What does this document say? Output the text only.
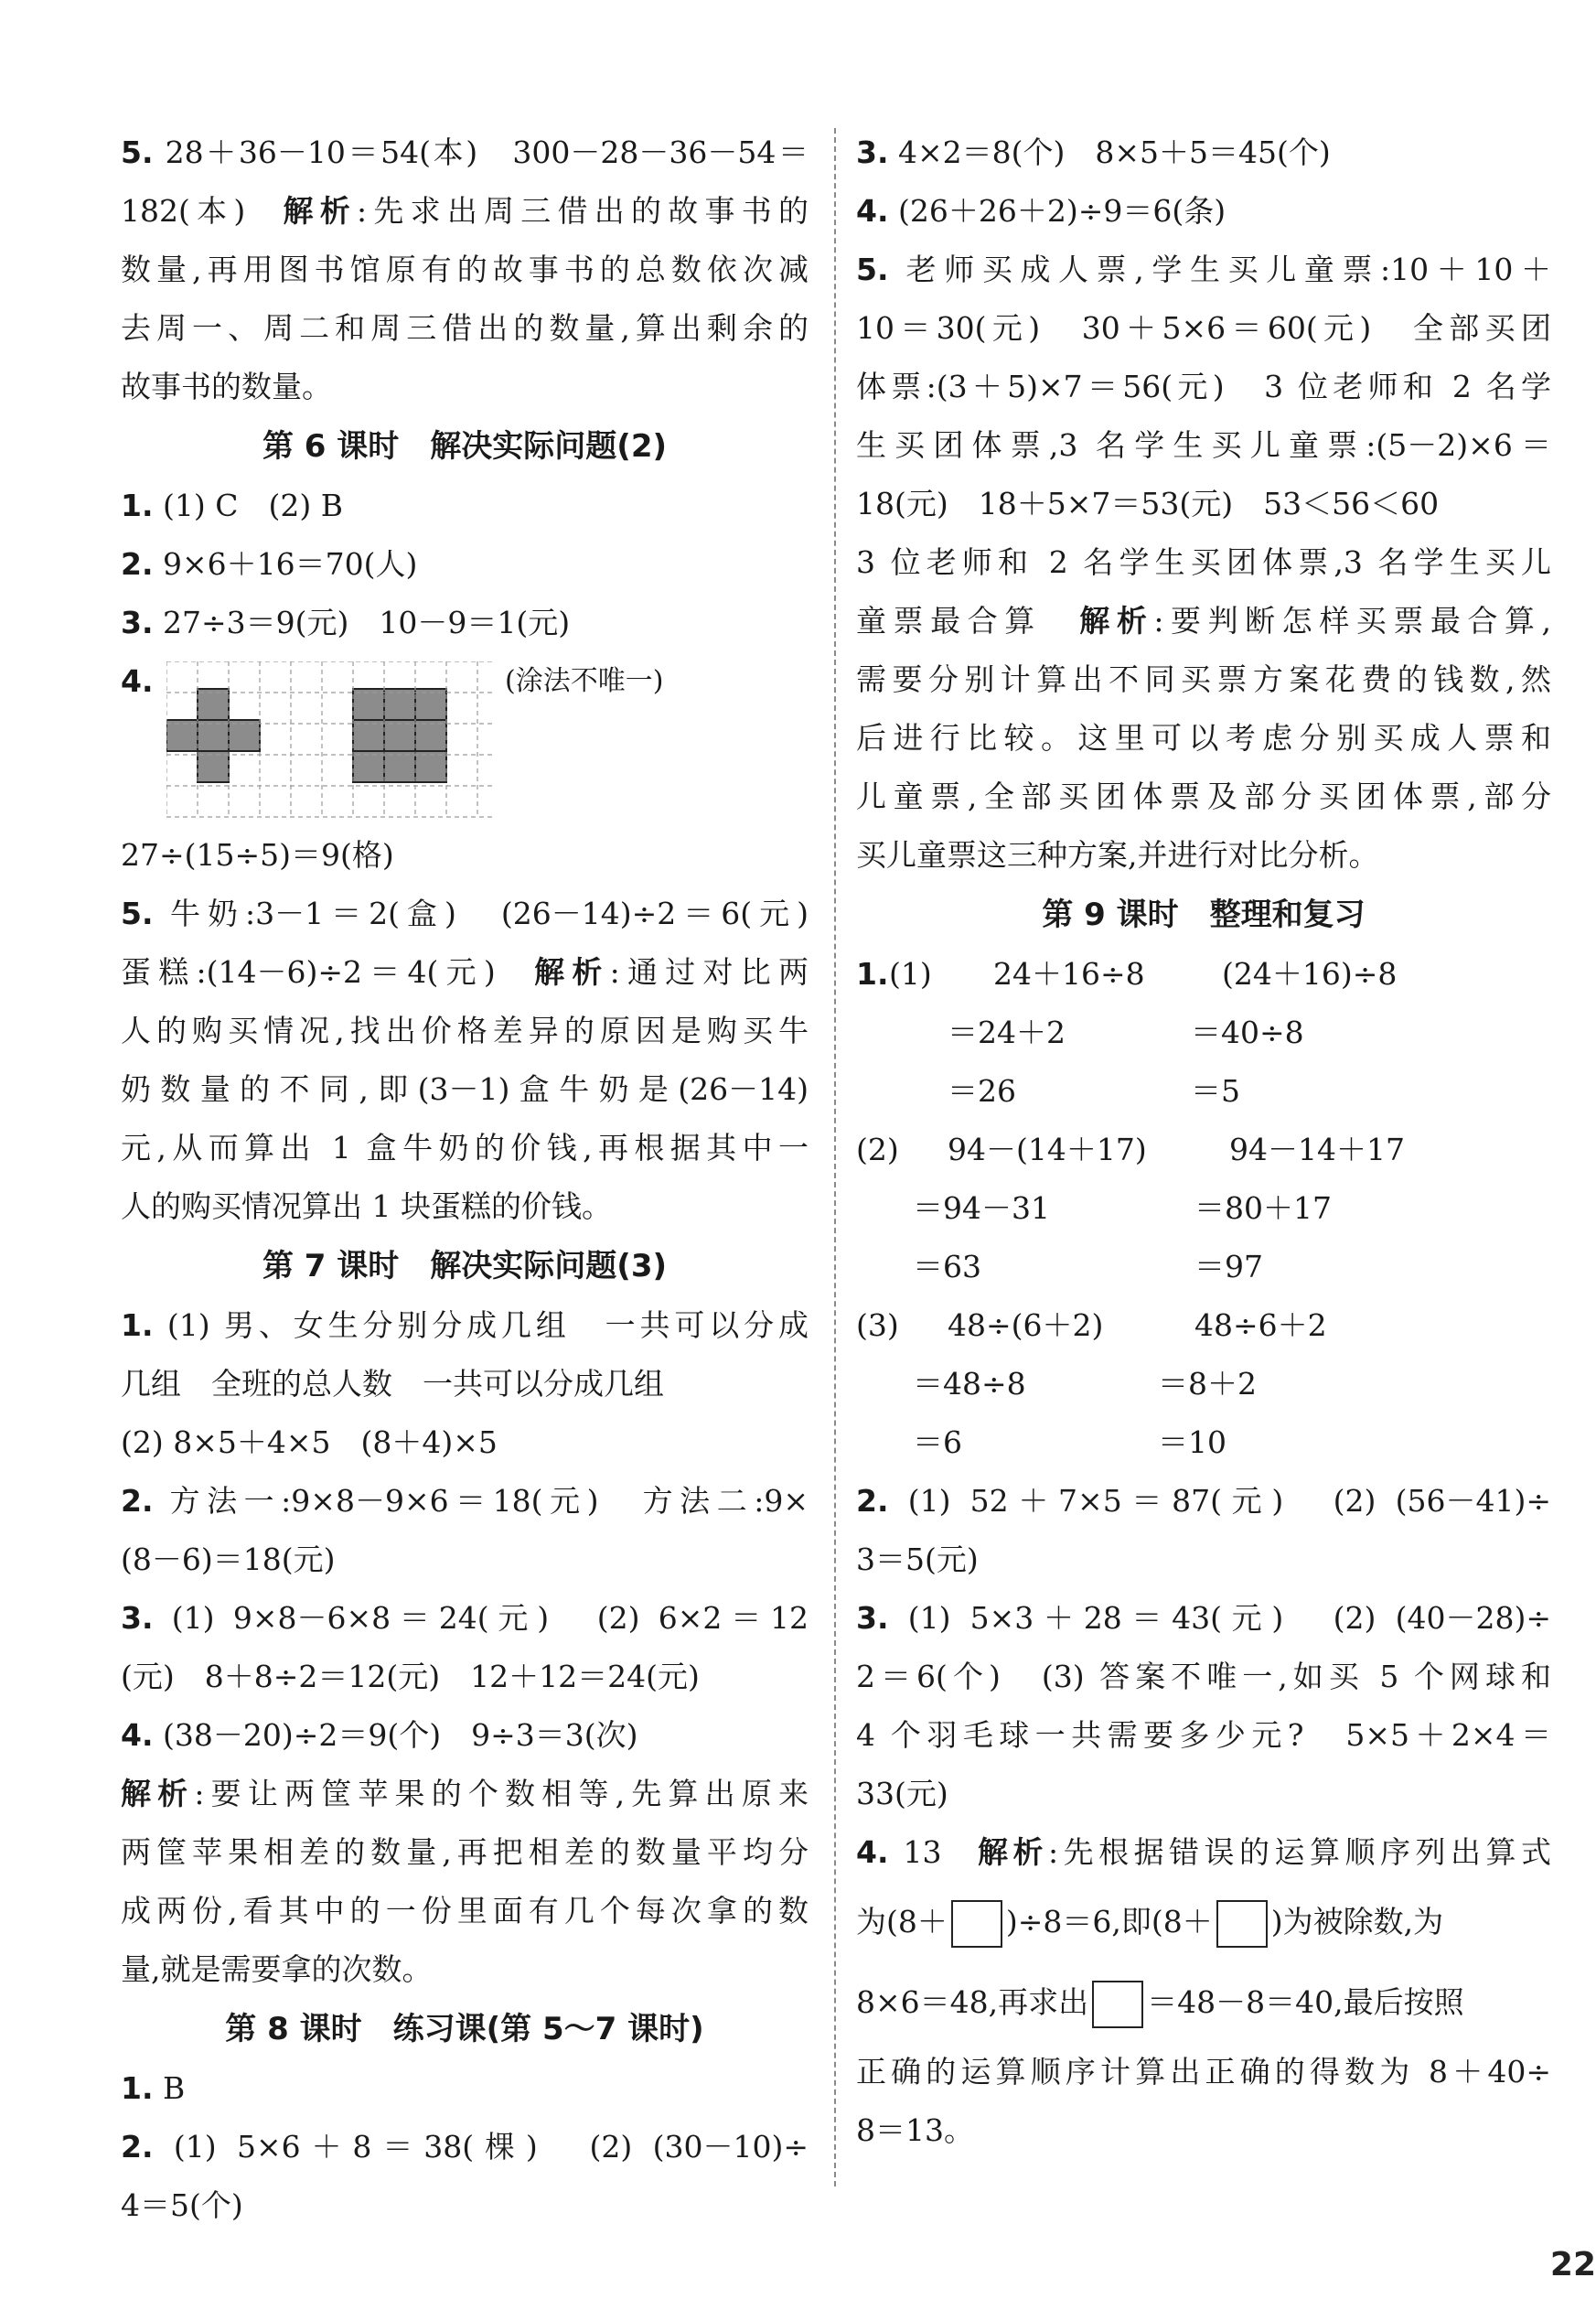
5. 28＋36－10＝54(本)　300－28－36－54＝
182(本) 解析:先求出周三借出的故事书的
数量,再用图书馆原有的故事书的总数依次减
去周一、周二和周三借出的数量,算出剩余的
故事书的数量。
第 6 课时　解决实际问题(2)
1. (1) C　(2) B
2. 9×6＋16＝70(人)
3. 27÷3＝9(元)　10－9＝1(元)
4.	(涂法不唯一)
27÷(15÷5)＝9(格)
5. 牛奶:3－1＝2(盒)　(26－14)÷2＝6(元)
蛋糕:(14－6)÷2＝4(元) 解析:通过对比两
人的购买情况,找出价格差异的原因是购买牛
奶数量的不同,即(3－1)盒牛奶是(26－14)
元,从而算出 1 盒牛奶的价钱,再根据其中一
人的购买情况算出 1 块蛋糕的价钱。
第 7 课时　解决实际问题(3)
1. (1) 男、女生分别分成几组　一共可以分成
几组　全班的总人数　一共可以分成几组
(2) 8×5＋4×5　(8＋4)×5
2. 方法一:9×8－9×6＝18(元)　方法二:9×
(8－6)＝18(元)
3. (1) 9×8－6×8＝24(元)　(2) 6×2＝12
(元)　8＋8÷2＝12(元)　12＋12＝24(元)
4. (38－20)÷2＝9(个)　9÷3＝3(次)
解析:要让两筐苹果的个数相等,先算出原来
两筐苹果相差的数量,再把相差的数量平均分
成两份,看其中的一份里面有几个每次拿的数
量,就是需要拿的次数。
第 8 课时　练习课(第 5～7 课时)
1. B
2. (1) 5×6＋8＝38(棵)　(2) (30－10)÷
4＝5(个)
3. 4×2＝8(个)　8×5＋5＝45(个)
4. (26＋26＋2)÷9＝6(条)
5. 老师买成人票,学生买儿童票:10＋10＋
10＝30(元)　30＋5×6＝60(元)　全部买团
体票:(3＋5)×7＝56(元)　3 位老师和 2 名学
生买团体票,3 名学生买儿童票:(5－2)×6＝
18(元)　18＋5×7＝53(元)　53＜56＜60
3 位老师和 2 名学生买团体票,3 名学生买儿
童票最合算 解析:要判断怎样买票最合算,
需要分别计算出不同买票方案花费的钱数,然
后进行比较。这里可以考虑分别买成人票和
儿童票,全部买团体票及部分买团体票,部分
买儿童票这三种方案,并进行对比分析。
第 9 课时　整理和复习
1. (1) 24＋16÷8	(24＋16)÷8
＝24＋2	＝40÷8
＝26	＝5
(2) 94－(14＋17)	94－14＋17
＝94－31	＝80＋17
＝63	＝97
(3) 48÷(6＋2)	48÷6＋2
＝48÷8	＝8＋2
＝6	＝10
2. (1) 52＋7×5＝87(元)　(2) (56－41)÷
3＝5(元)
3. (1) 5×3＋28＝43(元)　(2) (40－28)÷
2＝6(个)　(3) 答案不唯一,如买 5 个网球和
4 个羽毛球一共需要多少元?　5×5＋2×4＝
33(元)
4. 13 解析:先根据错误的运算顺序列出算式
为(8＋ )÷8＝6,即(8＋ )为被除数,为
8×6＝48,再求出 ＝48－8＝40,最后按照
正确的运算顺序计算出正确的得数为 8＋40÷
8＝13。
22
